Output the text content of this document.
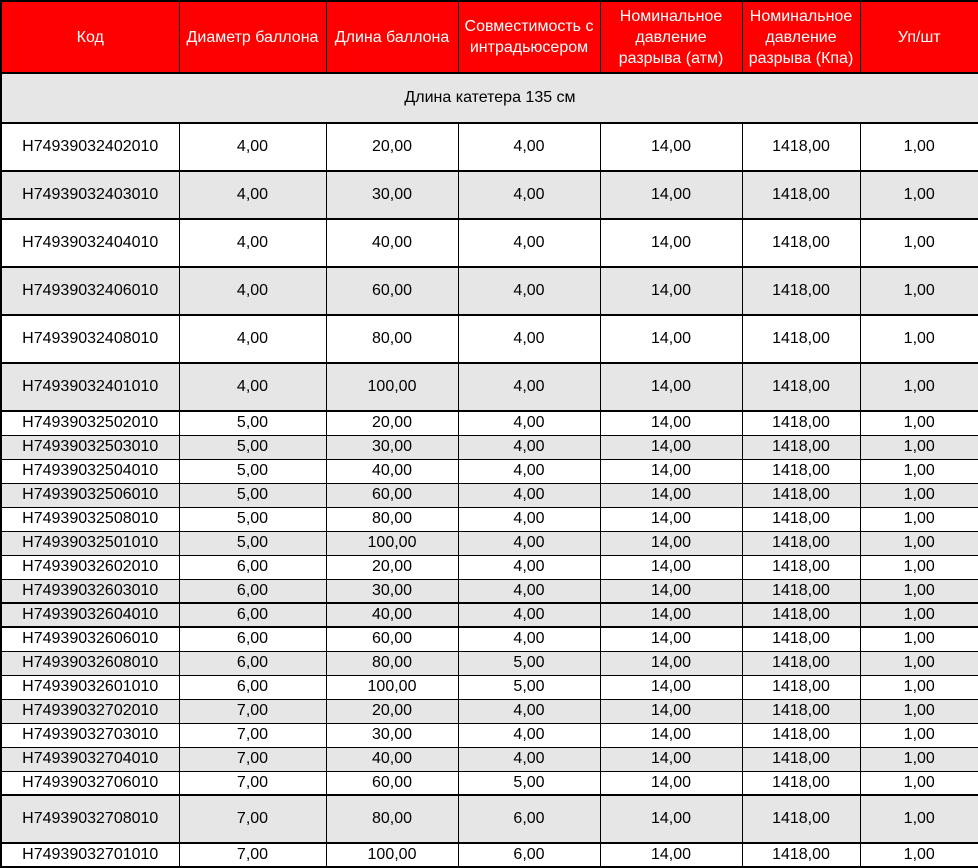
Код	Диаметр баллона	Длина баллона	Совместимость с интрадьюсером	Номинальное давление разрыва (атм)	Номинальное давление разрыва (Кпа)	Уп/шт
Длина катетера 135 см						
H74939032402010	4,00	20,00	4,00	14,00	1418,00	1,00
H74939032403010	4,00	30,00	4,00	14,00	1418,00	1,00
H74939032404010	4,00	40,00	4,00	14,00	1418,00	1,00
H74939032406010	4,00	60,00	4,00	14,00	1418,00	1,00
H74939032408010	4,00	80,00	4,00	14,00	1418,00	1,00
H74939032401010	4,00	100,00	4,00	14,00	1418,00	1,00
H74939032502010	5,00	20,00	4,00	14,00	1418,00	1,00
H74939032503010	5,00	30,00	4,00	14,00	1418,00	1,00
H74939032504010	5,00	40,00	4,00	14,00	1418,00	1,00
H74939032506010	5,00	60,00	4,00	14,00	1418,00	1,00
H74939032508010	5,00	80,00	4,00	14,00	1418,00	1,00
H74939032501010	5,00	100,00	4,00	14,00	1418,00	1,00
H74939032602010	6,00	20,00	4,00	14,00	1418,00	1,00
H74939032603010	6,00	30,00	4,00	14,00	1418,00	1,00
H74939032604010	6,00	40,00	4,00	14,00	1418,00	1,00
H74939032606010	6,00	60,00	4,00	14,00	1418,00	1,00
H74939032608010	6,00	80,00	5,00	14,00	1418,00	1,00
H74939032601010	6,00	100,00	5,00	14,00	1418,00	1,00
H74939032702010	7,00	20,00	4,00	14,00	1418,00	1,00
H74939032703010	7,00	30,00	4,00	14,00	1418,00	1,00
H74939032704010	7,00	40,00	4,00	14,00	1418,00	1,00
H74939032706010	7,00	60,00	5,00	14,00	1418,00	1,00
H74939032708010	7,00	80,00	6,00	14,00	1418,00	1,00
H74939032701010	7,00	100,00	6,00	14,00	1418,00	1,00
